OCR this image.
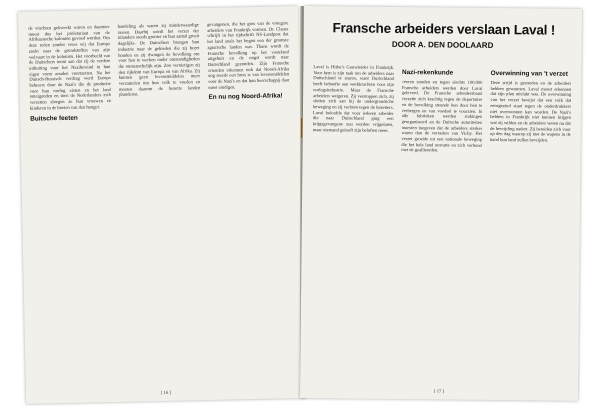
de vruchten gekweekt waren en daarmee moest dus het proletariaat van de Afrikaansche koloniën gevoed worden. Om deze reden zonder vrees wij dat Europa zoekt naar de grondstoffen van zijn welvaart in de koloniën. Het voorbeeld van de Duitschers toont aan dat zij de verdere uitbuiting voor het Nazibewind in hun eigen vorm zouden voortzetten. Na het Duitsch-Russisch verdrag werd Europa beheerst door de Nazi's die de productie voor hun oorlog eisten en het land onteigenden en toen de Nederlanders zich verzetten sloegen ze hun vrouwen en kinderen in de boeien van den honger.

Buitsche feeten

handeling als waren zij minderwaardige rassen. Daarbij wordt het verzet der inlanders steeds grooter en hun aantal groeit dagelijks. De Duitschers brengen hun industrie naar de gebieden die zij bezet houden en zij dwingen de bevolking om voor hen te werken onder omstandigheden die onmenschelijk zijn. Zoo vernietigen zij den rijkdom van Europa en van Afrika. Zij kunnen geen levensmiddelen meer verzamelen om hun volk te voeden en moeten daarom de bezette landen plunderen.

gevangenen, die het gros van de vroegere arbeiders van Frankrijk vormen. Dr. Clauss schrijft in het tijdschrift NS-Landpost dat het land zoals het begon een der grootste agrarische landen was. Thans wordt de Fransche bevolking op het vasteland uitgebuit en de oogst wordt naar Duitschland gezonden. Zijn Fransche vrienden erkennen ook dat Noord-Afrika nog steeds een bron is van levensmiddelen voor de Nazi's en dat hun heerschappij daar moet eindigen.

En nu nog Noord-Afrika!
[ 16 ]
Fransche arbeiders verslaan Laval !
DOOR A. DEN DOOLAARD

Laval is Hitler's Gouwleider in Frankrijk. Voor hem is zijn taak om de arbeiders naar Duitschland te sturen, want Duitschland heeft behoefte aan werkkrachten voor zijn oorlogsindustrie. Maar de Fransche arbeiders weigeren. Zij verstoppen zich, zij sluiten zich aan bij de ondergrondsche beweging en zij vechten tegen de bezetters. Laval beloofde dat voor iederen arbeider die naar Duitschland ging een krijgsgevangene zou worden vrijgelaten, maar niemand gelooft zijn beloften meer.

Nazi-rekenkunde

ceeren zouden en tegen slechts 100.000 Fransche arbeiders werden door Laval geleverd. De Fransche arbeidersbond verzette zich krachtig tegen de deportaties en de bevolking steunde hen door hen te verbergen en van voedsel te voorzien. In alle fabrieken werden stakingen georganiseerd en de Duitsche autoriteiten moesten toegeven dat de arbeiders sterker waren dan de verraders van Vichy. Het verzet groeide tot een nationale beweging die het hele land omvatte en zich verbond met de geallieerden.

Overwinning van 't verzet

Deze strijd is gestreden en de arbeiders hebben gewonnen. Laval moest erkennen dat zijn plan mislukt was. De overwinning van het verzet bewijst dat een volk dat eensgezind staat tegen de onderdrukkers niet overwonnen kan worden. De Nazi's hebben in Frankrijk niet kunnen krijgen wat zij wilden en de arbeiders weten nu dat de bevrijding nadert. Zij bereiden zich voor op den dag waarop zij met de wapens in de hand hun land zullen bevrijden.

[ 17 ]
